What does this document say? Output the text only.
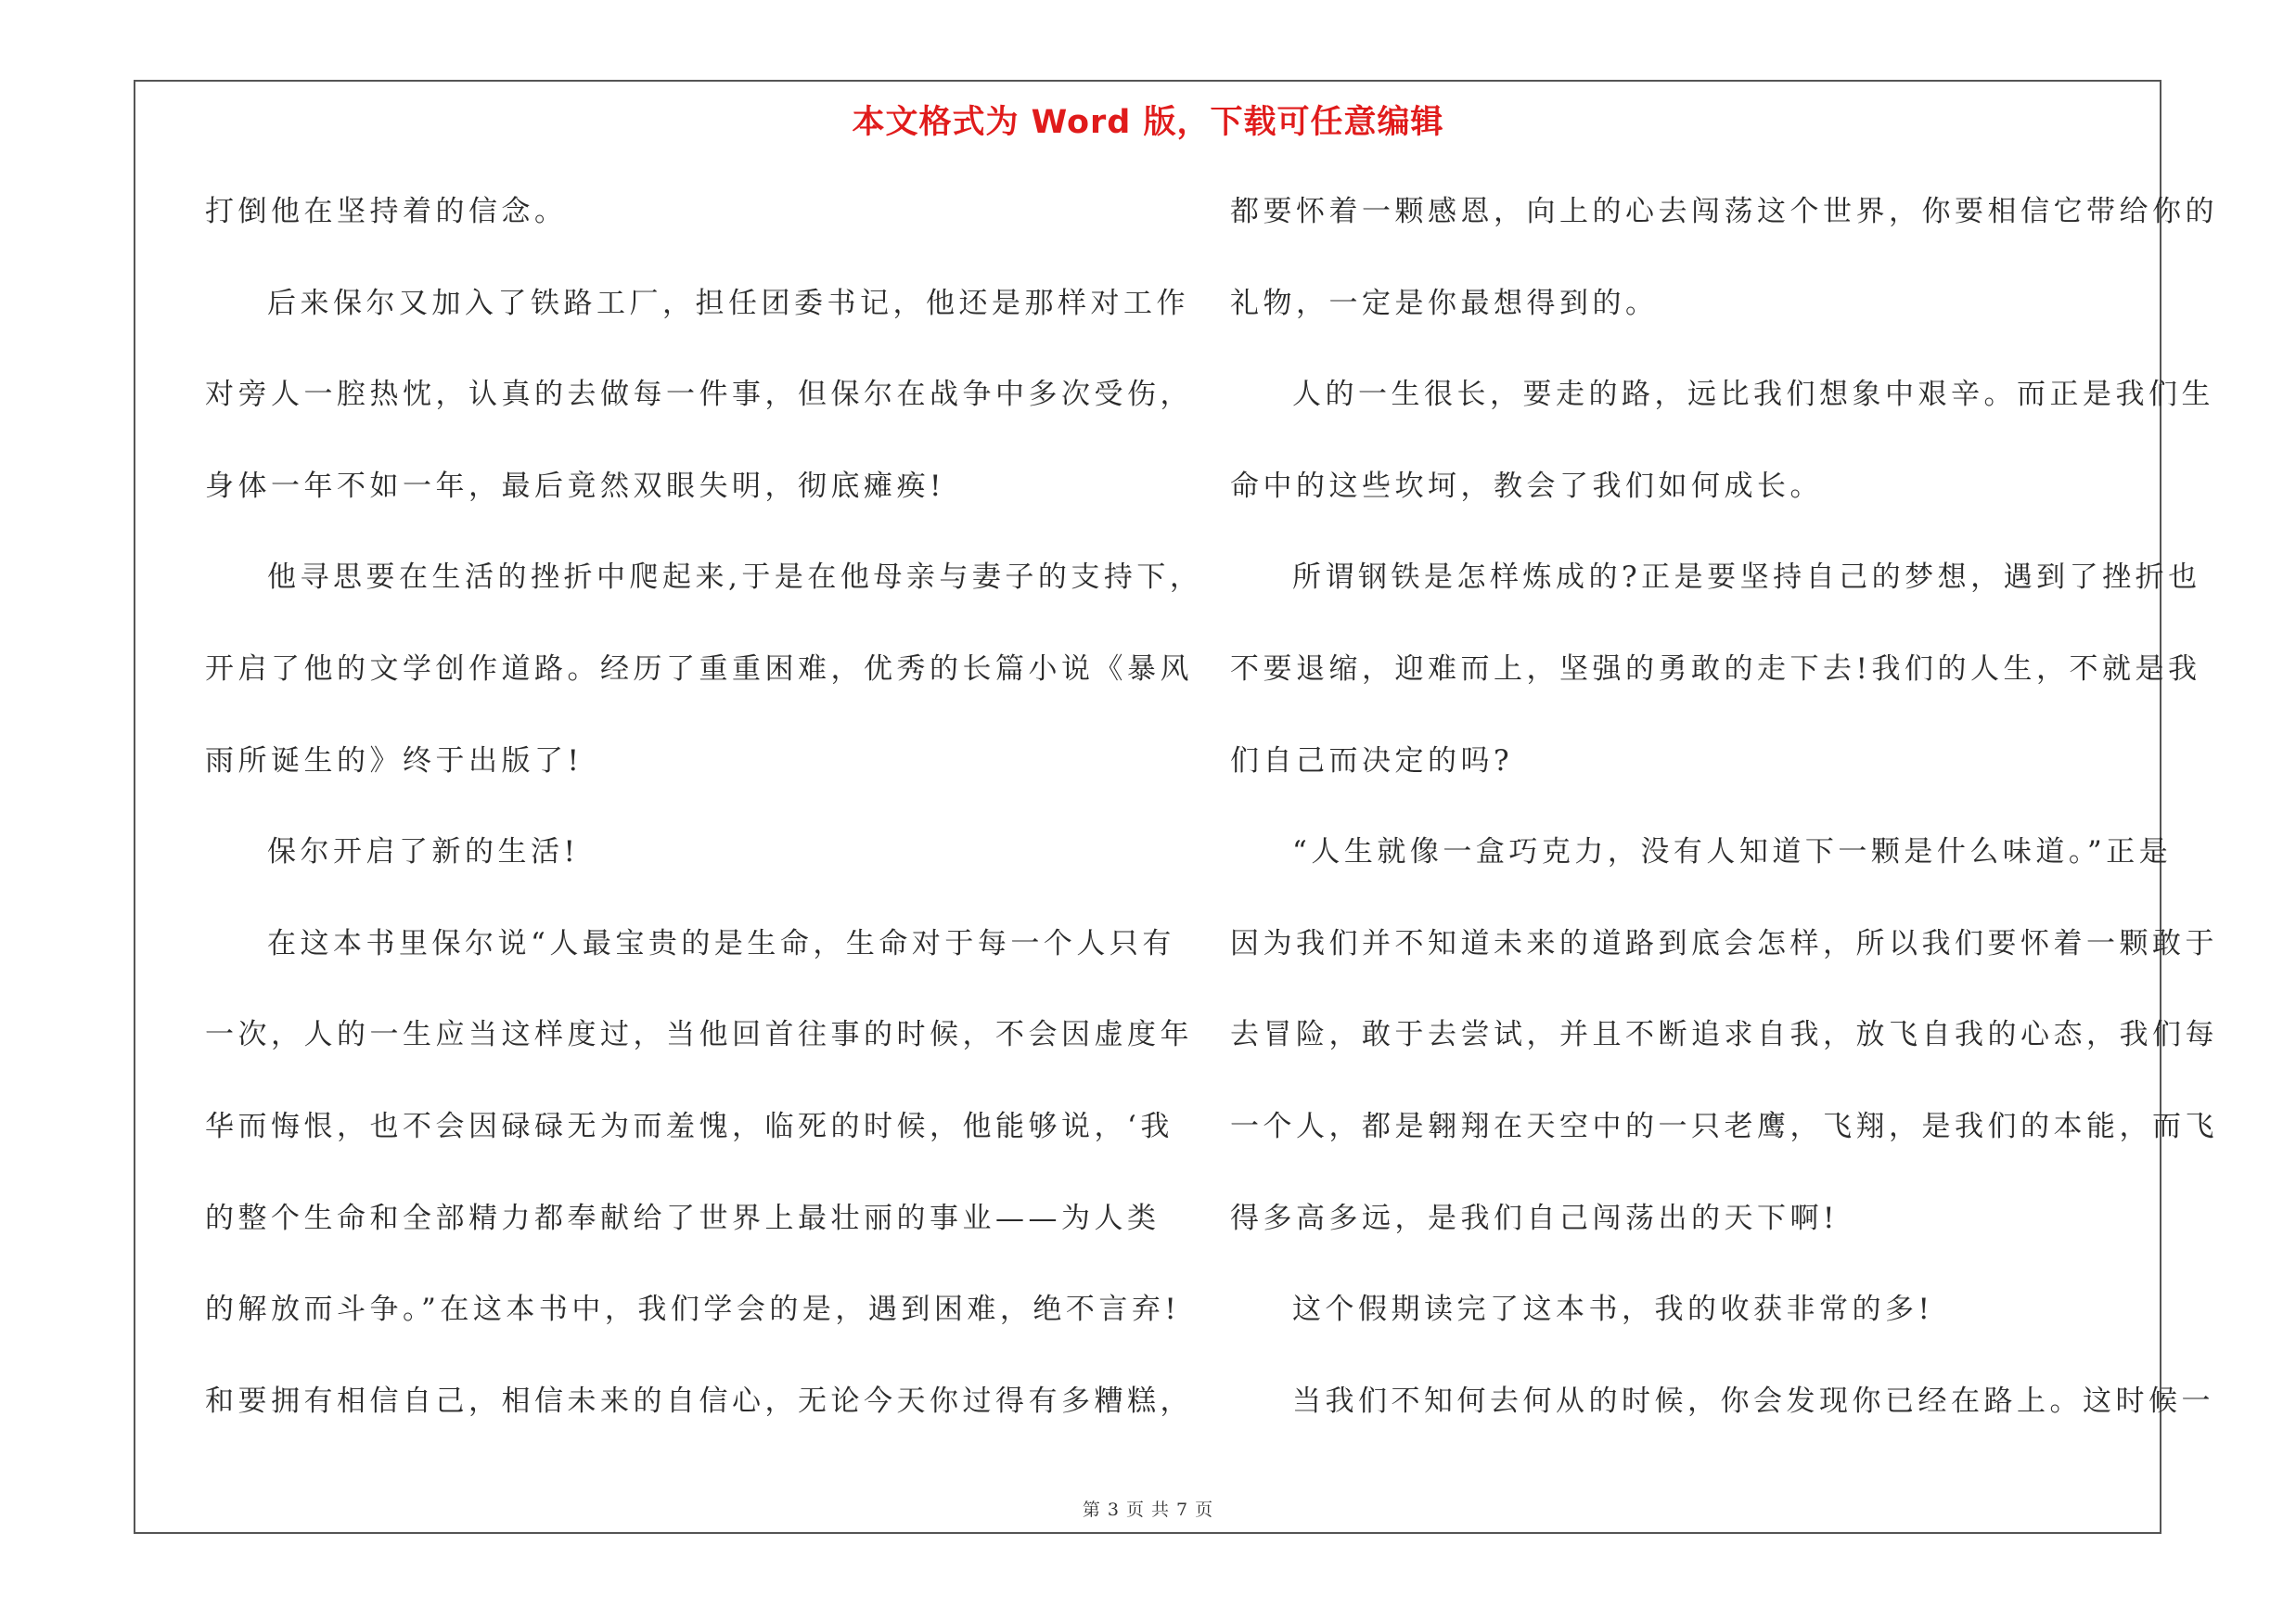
本文格式为 Word 版，下载可任意编辑
打倒他在坚持着的信念。
后来保尔又加入了铁路工厂，担任团委书记，他还是那样对工作
对旁人一腔热忱，认真的去做每一件事，但保尔在战争中多次受伤，
身体一年不如一年，最后竟然双眼失明，彻底瘫痪!
他寻思要在生活的挫折中爬起来,于是在他母亲与妻子的支持下，
开启了他的文学创作道路。经历了重重困难，优秀的长篇小说《暴风
雨所诞生的》终于出版了!
保尔开启了新的生活!
在这本书里保尔说“人最宝贵的是生命，生命对于每一个人只有
一次，人的一生应当这样度过，当他回首往事的时候，不会因虚度年
华而悔恨，也不会因碌碌无为而羞愧，临死的时候，他能够说，‘我
的整个生命和全部精力都奉献给了世界上最壮丽的事业——为人类
的解放而斗争。”在这本书中，我们学会的是，遇到困难，绝不言弃!
和要拥有相信自己，相信未来的自信心，无论今天你过得有多糟糕，
都要怀着一颗感恩，向上的心去闯荡这个世界，你要相信它带给你的
礼物，一定是你最想得到的。
人的一生很长，要走的路，远比我们想象中艰辛。而正是我们生
命中的这些坎坷，教会了我们如何成长。
所谓钢铁是怎样炼成的?正是要坚持自己的梦想，遇到了挫折也
不要退缩，迎难而上，坚强的勇敢的走下去!我们的人生，不就是我
们自己而决定的吗?
“人生就像一盒巧克力，没有人知道下一颗是什么味道。”正是
因为我们并不知道未来的道路到底会怎样，所以我们要怀着一颗敢于
去冒险，敢于去尝试，并且不断追求自我，放飞自我的心态，我们每
一个人，都是翱翔在天空中的一只老鹰，飞翔，是我们的本能，而飞
得多高多远，是我们自己闯荡出的天下啊!
这个假期读完了这本书，我的收获非常的多!
当我们不知何去何从的时候，你会发现你已经在路上。这时候一
第 3 页 共 7 页
